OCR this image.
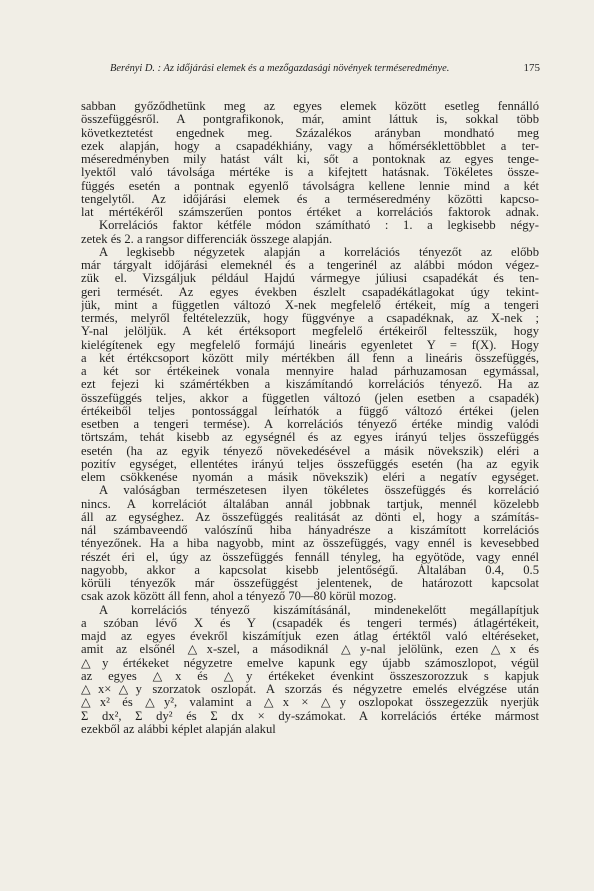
Berényi D. : Az időjárási elemek és a mezőgazdasági növények terméseredménye.	175
sabban győződhetünk meg az egyes elemek között esetleg fennálló
összefüggésről. A pontgrafikonok, már, amint láttuk is, sokkal több
következtetést engednek meg. Százalékos arányban mondható meg
ezek alapján, hogy a csapadékhiány, vagy a hőmérséklettöbblet a ter-
méseredményben mily hatást vált ki, sőt a pontoknak az egyes tenge-
lyektől való távolsága mértéke is a kifejtett hatásnak. Tökéletes össze-
függés esetén a pontnak egyenlő távolságra kellene lennie mind a két
tengelytől. Az időjárási elemek és a terméseredmény közötti kapcso-
lat mértékéről számszerűen pontos értéket a korrelációs faktorok adnak.
Korrelációs faktor kétféle módon számítható : 1. a legkisebb négy-
zetek és 2. a rangsor differenciák összege alapján.
A legkisebb négyzetek alapján a korrelációs tényezőt az előbb
már tárgyalt időjárási elemeknél és a tengerinél az alábbi módon végez-
zük el. Vizsgáljuk például Hajdú vármegye júliusi csapadékát és ten-
geri termését. Az egyes években észlelt csapadékátlagokat úgy tekint-
jük, mint a független változó X-nek megfelelő értékeit, míg a tengeri
termés, melyről feltételezzük, hogy függvénye a csapadéknak, az X-nek ;
Y-nal jelöljük. A két értéksoport megfelelő értékeiről feltesszük, hogy
kielégítenek egy megfelelő formájú lineáris egyenletet Y = f(X). Hogy
a két értékcsoport között mily mértékben áll fenn a lineáris összefüggés,
a két sor értékeinek vonala mennyire halad párhuzamosan egymással,
ezt fejezi ki számértékben a kiszámítandó korrelációs tényező. Ha az
összefüggés teljes, akkor a független változó (jelen esetben a csapadék)
értékeiből teljes pontossággal leírhatók a függő változó értékei (jelen
esetben a tengeri termése). A korrelációs tényező értéke mindig valódi
törtszám, tehát kisebb az egységnél és az egyes irányú teljes összefüggés
esetén (ha az egyik tényező növekedésével a másik növekszik) eléri a
pozitív egységet, ellentétes irányú teljes összefüggés esetén (ha az egyik
elem csökkenése nyomán a másik növekszik) eléri a negatív egységet.
A valóságban természetesen ilyen tökéletes összefüggés és korreláció
nincs. A korrelációt általában annál jobbnak tartjuk, mennél közelebb
áll az egységhez. Az összefüggés realitását az dönti el, hogy a számítás-
nál számbaveendő valószínű hiba hányadrésze a kiszámított korrelációs
tényezőnek. Ha a hiba nagyobb, mint az összefüggés, vagy ennél is kevesebbed
részét éri el, úgy az összefüggés fennáll tényleg, ha egyötöde, vagy ennél
nagyobb, akkor a kapcsolat kisebb jelentőségű. Általában 0.4, 0.5
körüli tényezők már összefüggést jelentenek, de határozott kapcsolat
csak azok között áll fenn, ahol a tényező 70—80 körül mozog.
A korrelációs tényező kiszámításánál, mindenekelőtt megállapítjuk
a szóban lévő X és Y (csapadék és tengeri termés) átlagértékeit,
majd az egyes évekről kiszámítjuk ezen átlag értéktől való eltéréseket,
amit az elsőnél △x-szel, a másodiknál △y-nal jelölünk, ezen △x és
△y értékeket négyzetre emelve kapunk egy újabb számoszlopot, végül
az egyes △x és △y értékeket évenkint összeszorozzuk s kapjuk
△x×△y szorzatok oszlopát. A szorzás és négyzetre emelés elvégzése után
△x² és △y², valamint a △x × △y oszlopokat összegezzük nyerjük
Σ dx², Σ dy² és Σ dx × dy-számokat. A korrelációs értéke mármost
ezekből az alábbi képlet alapján alakul
